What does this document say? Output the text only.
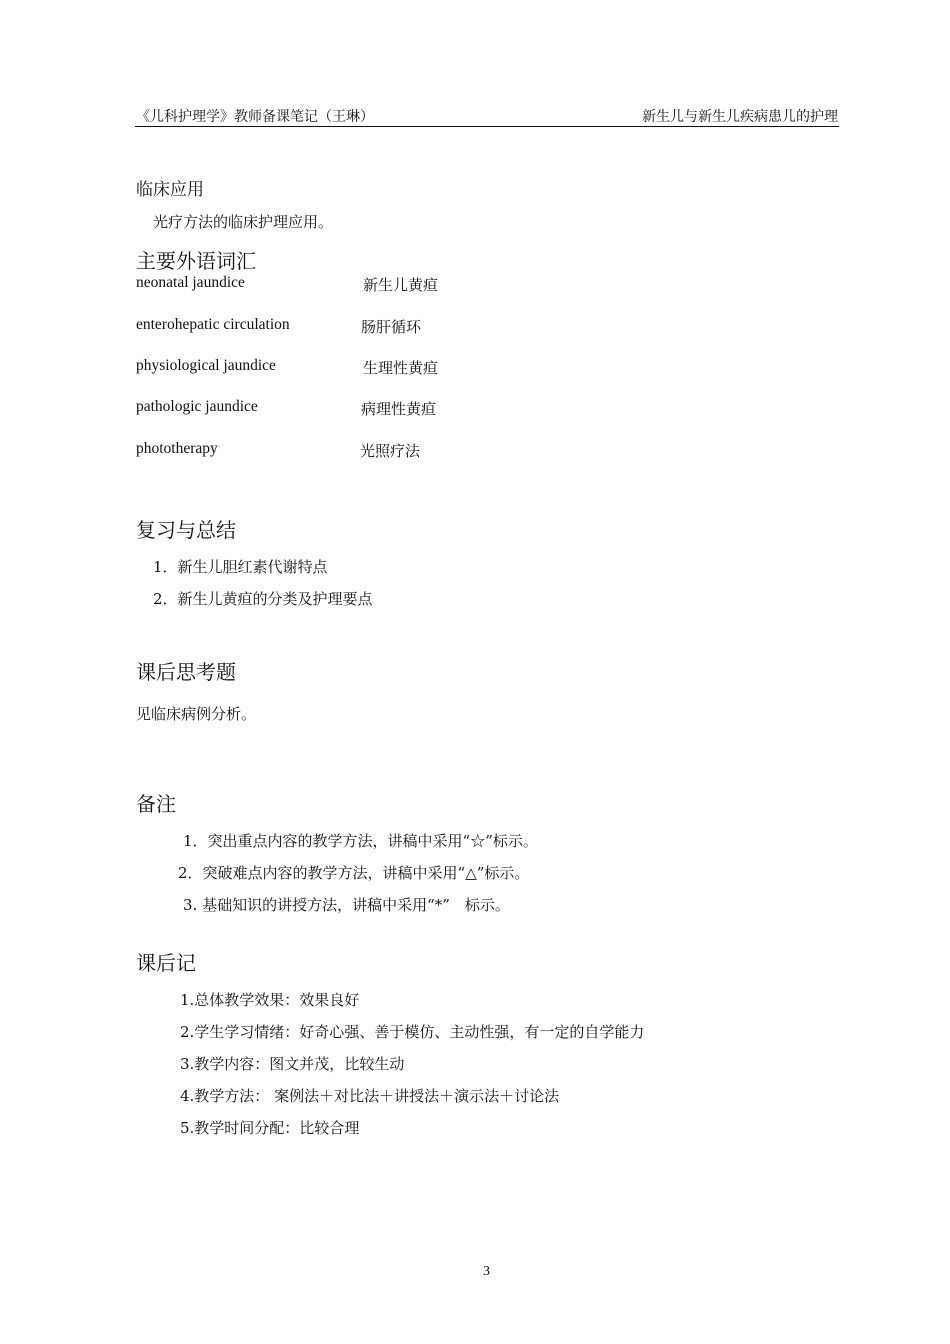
《儿科护理学》教师备课笔记（王琳）	新生儿与新生儿疾病患儿的护理
临床应用
光疗方法的临床护理应用。
主要外语词汇
neonatal jaundice	新生儿黄疸
enterohepatic circulation	肠肝循环
physiological jaundice	生理性黄疸
pathologic jaundice	病理性黄疸
phototherapy	光照疗法
复习与总结
1．新生儿胆红素代谢特点
2．新生儿黄疸的分类及护理要点
课后思考题
见临床病例分析。
备注
1．突出重点内容的教学方法，讲稿中采用“☆”标示。
2．突破难点内容的教学方法，讲稿中采用“△”标示。
3. 基础知识的讲授方法，讲稿中采用“*”　标示。
课后记
1.总体教学效果：效果良好
2.学生学习情绪：好奇心强、善于模仿、主动性强，有一定的自学能力
3.教学内容：图文并茂，比较生动
4.教学方法： 案例法＋对比法＋讲授法＋演示法＋讨论法
5.教学时间分配：比较合理
3
